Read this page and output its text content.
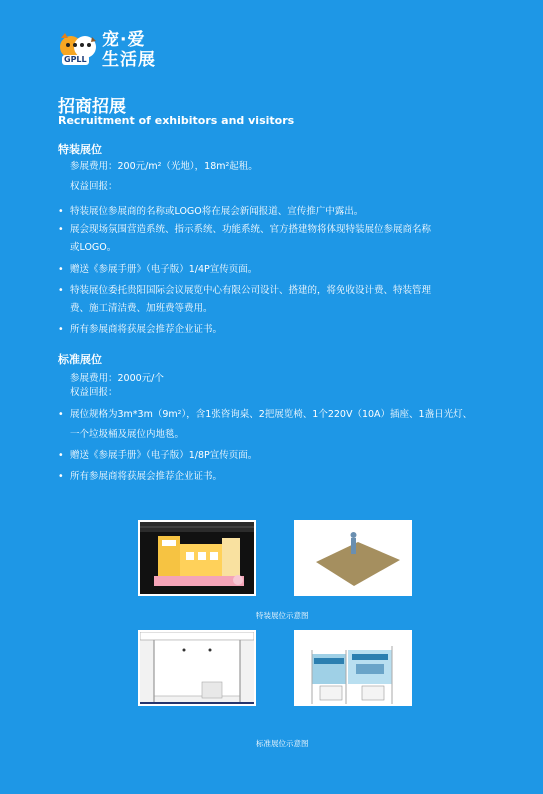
GPLL
宠·爱
生活展
招商招展
Recruitment of exhibitors and visitors
特装展位
参展费用：200元/m²（光地），18m²起租。
权益回报：
• 特装展位参展商的名称或LOGO将在展会新闻报道、宣传推广中露出。
• 展会现场氛围营造系统、指示系统、功能系统、官方搭建物将体现特装展位参展商名称
或LOGO。
• 赠送《参展手册》（电子版）1/4P宣传页面。
• 特装展位委托贵阳国际会议展览中心有限公司设计、搭建的，将免收设计费、特装管理
费、施工清洁费、加班费等费用。
• 所有参展商将获展会推荐企业证书。
标准展位
参展费用：2000元/个
权益回报：
• 展位规格为3m*3m（9m²），含1张咨询桌、2把展览椅、1个220V（10A）插座、1盏日光灯、
一个垃圾桶及展位内地毯。
• 赠送《参展手册》（电子版）1/8P宣传页面。
• 所有参展商将获展会推荐企业证书。
特装展位示意图
标准展位示意图
